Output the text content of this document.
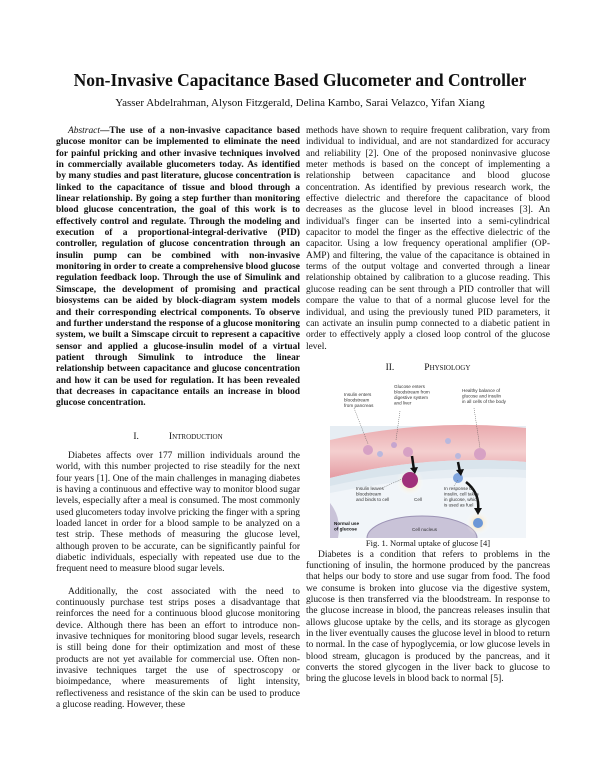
Non-Invasive Capacitance Based Glucometer and Controller
Yasser Abdelrahman, Alyson Fitzgerald, Delina Kambo, Sarai Velazco, Yifan Xiang

Abstract—The use of a non-invasive capacitance based glucose monitor can be implemented to eliminate the need for painful pricking and other invasive techniques involved in commercially available glucometers today. As identified by many studies and past literature, glucose concentration is linked to the capacitance of tissue and blood through a linear relationship. By going a step further than monitoring blood glucose concentration, the goal of this work is to effectively control and regulate. Through the modeling and execution of a proportional-integral-derivative (PID) controller, regulation of glucose concentration through an insulin pump can be combined with non-invasive monitoring in order to create a comprehensive blood glucose regulation feedback loop. Through the use of Simulink and Simscape, the development of promising and practical biosystems can be aided by block-diagram system models and their corresponding electrical components. To observe and further understand the response of a glucose monitoring system, we built a Simscape circuit to represent a capacitive sensor and applied a glucose-insulin model of a virtual patient through Simulink to introduce the linear relationship between capacitance and glucose concentration and how it can be used for regulation. It has been revealed that decreases in capacitance entails an increase in blood glucose concentration.

I.	Introduction

Diabetes affects over 177 million individuals around the world, with this number projected to rise steadily for the next four years [1]. One of the main challenges in managing diabetes is having a continuous and effective way to monitor blood sugar levels, especially after a meal is consumed. The most commonly used glucometers today involve pricking the finger with a spring loaded lancet in order for a blood sample to be analyzed on a test strip. These methods of measuring the glucose level, although proven to be accurate, can be significantly painful for diabetic individuals, especially with repeated use due to the frequent need to measure blood sugar levels.

Additionally, the cost associated with the need to continuously purchase test strips poses a disadvantage that reinforces the need for a continuous blood glucose monitoring device. Although there has been an effort to introduce non-invasive techniques for monitoring blood sugar levels, research is still being done for their optimization and most of these products are not yet available for commercial use. Often non-invasive techniques target the use of spectroscopy or bioimpedance, where measurements of light intensity, reflectiveness and resistance of the skin can be used to produce a glucose reading. However, these

methods have shown to require frequent calibration, vary from individual to individual, and are not standardized for accuracy and reliability [2]. One of the proposed noninvasive glucose meter methods is based on the concept of implementing a relationship between capacitance and blood glucose concentration. As identified by previous research work, the effective dielectric and therefore the capacitance of blood decreases as the glucose level in blood increases [3]. An individual's finger can be inserted into a semi-cylindrical capacitor to model the finger as the effective dielectric of the capacitor. Using a low frequency operational amplifier (OP-AMP) and filtering, the value of the capacitance is obtained in terms of the output voltage and converted through a linear relationship obtained by calibration to a glucose reading. This glucose reading can be sent through a PID controller that will compare the value to that of a normal glucose level for the individual, and using the previously tuned PID parameters, it can activate an insulin pump connected to a diabetic patient in order to effectively apply a closed loop control of the glucose level.

II.	Physiology

Insulin enters bloodstream from pancreas
Glucose enters bloodstream from digestive system and liver
Healthy balance of glucose and insulin in all cells of the body
Insulin leaves bloodstream and binds to cell
In response to insulin, cell takes in glucose, which is used as fuel
Cell
Cell nucleus
Normal use of glucose

Fig. 1. Normal uptake of glucose [4]

Diabetes is a condition that refers to problems in the functioning of insulin, the hormone produced by the pancreas that helps our body to store and use sugar from food. The food we consume is broken into glucose via the digestive system, glucose is then transferred via the bloodstream. In response to the glucose increase in blood, the pancreas releases insulin that allows glucose uptake by the cells, and its storage as glycogen in the liver eventually causes the glucose level in blood to return to normal. In the case of hypoglycemia, or low glucose levels in blood stream, glucagon is produced by the pancreas, and it converts the stored glycogen in the liver back to glucose to bring the glucose levels in blood back to normal [5].
